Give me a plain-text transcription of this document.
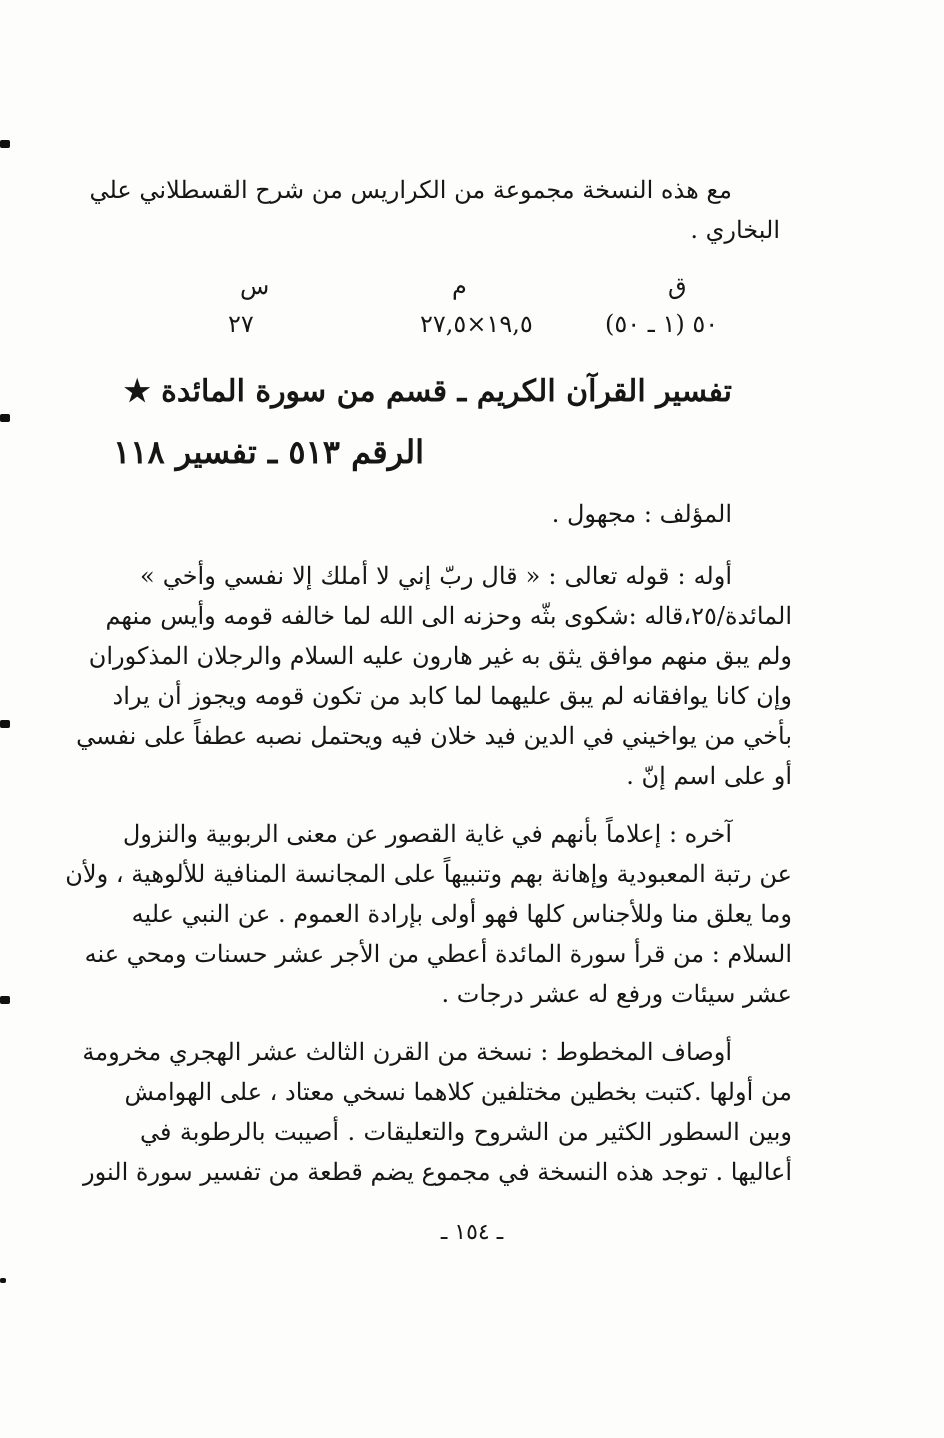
مع هذه النسخة مجموعة من الكراريس من شرح القسطلاني علي
البخاري .
ق
م
س
٥٠ (١ ـ ٥٠)
١٩,٥×٢٧,٥
٢٧
تفسير القرآن الكريم ـ قسم من سورة المائدة ★
الرقم ٥١٣ ـ تفسير ١١٨
المؤلف : مجهول .
أوله : قوله تعالى : « قال ربّ إني لا أملك إلا نفسي وأخي »
المائدة/٢٥،قاله :شكوى بثّه وحزنه الى الله لما خالفه قومه وأيس منهم
ولم يبق منهم موافق يثق به غير هارون عليه السلام والرجلان المذكوران
وإن كانا يوافقانه لم يبق عليهما لما كابد من تكون قومه ويجوز أن يراد
بأخي من يواخيني في الدين فيد خلان فيه ويحتمل نصبه عطفاً على نفسي
أو على اسم إنّ .
آخره : إعلاماً بأنهم في غاية القصور عن معنى الربوبية والنزول
عن رتبة المعبودية وإهانة بهم وتنبيهاً على المجانسة المنافية للألوهية ، ولأن
وما يعلق منا وللأجناس كلها فهو أولى بإرادة العموم . عن النبي عليه
السلام : من قرأ سورة المائدة أعطي من الأجر عشر حسنات ومحي عنه
عشر سيئات ورفع له عشر درجات .
أوصاف المخطوط : نسخة من القرن الثالث عشر الهجري مخرومة
من أولها .كتبت بخطين مختلفين كلاهما نسخي معتاد ، على الهوامش
وبين السطور الكثير من الشروح والتعليقات . أصيبت بالرطوبة في
أعاليها . توجد هذه النسخة في مجموع يضم قطعة من تفسير سورة النور
ـ ١٥٤ ـ
